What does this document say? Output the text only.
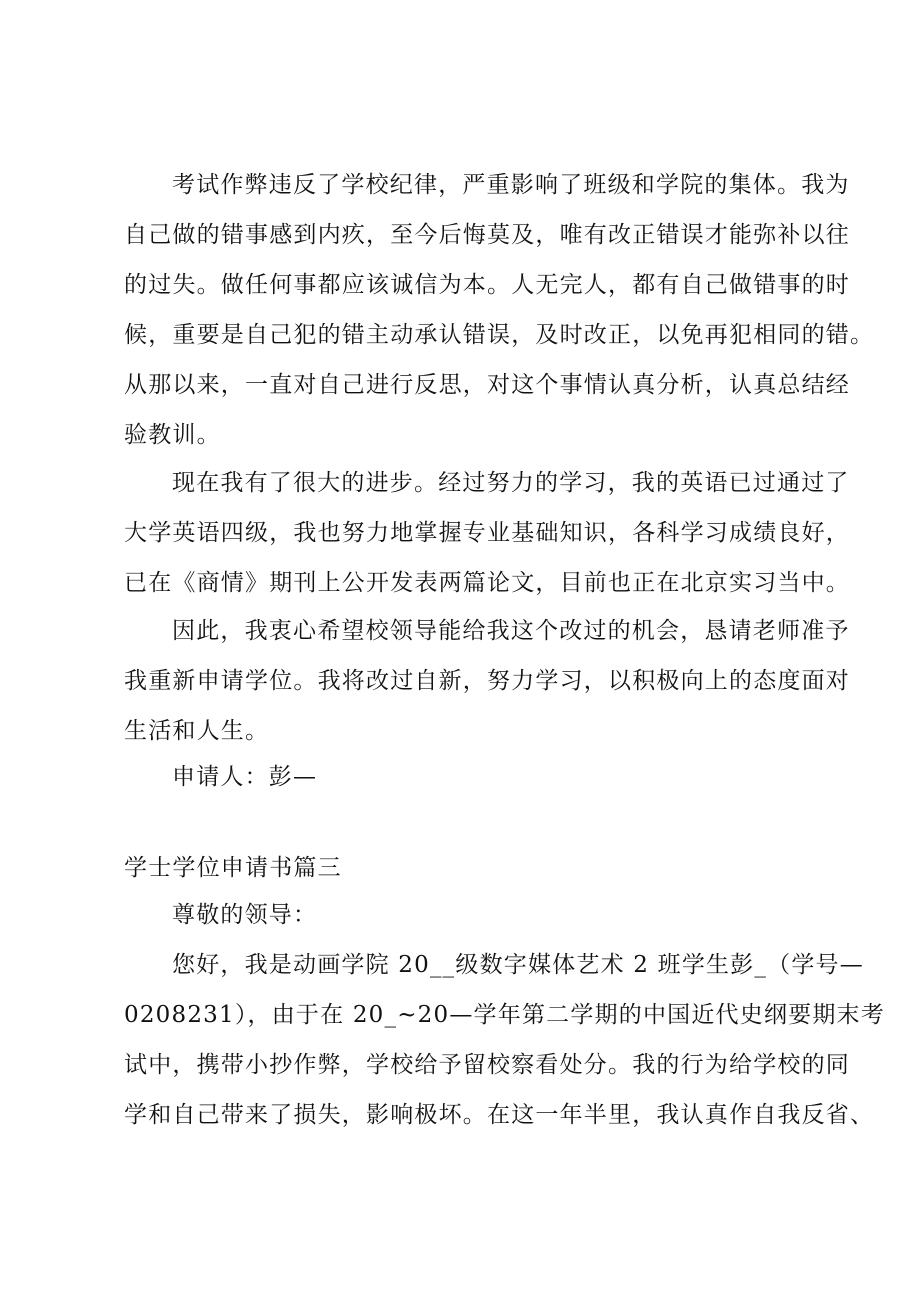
考试作弊违反了学校纪律，严重影响了班级和学院的集体。我为
自己做的错事感到内疚，至今后悔莫及，唯有改正错误才能弥补以往
的过失。做任何事都应该诚信为本。人无完人，都有自己做错事的时
候，重要是自己犯的错主动承认错误，及时改正，以免再犯相同的错。
从那以来，一直对自己进行反思，对这个事情认真分析，认真总结经
验教训。

现在我有了很大的进步。经过努力的学习，我的英语已过通过了
大学英语四级，我也努力地掌握专业基础知识，各科学习成绩良好，
已在《商情》期刊上公开发表两篇论文，目前也正在北京实习当中。

因此，我衷心希望校领导能给我这个改过的机会，恳请老师准予
我重新申请学位。我将改过自新，努力学习，以积极向上的态度面对
生活和人生。

申请人：彭—

学士学位申请书篇三

尊敬的领导：

您好，我是动画学院 20__级数字媒体艺术 2 班学生彭_（学号—
0208231），由于在 20_~20—学年第二学期的中国近代史纲要期末考
试中，携带小抄作弊，学校给予留校察看处分。我的行为给学校的同
学和自己带来了损失，影响极坏。在这一年半里，我认真作自我反省、
